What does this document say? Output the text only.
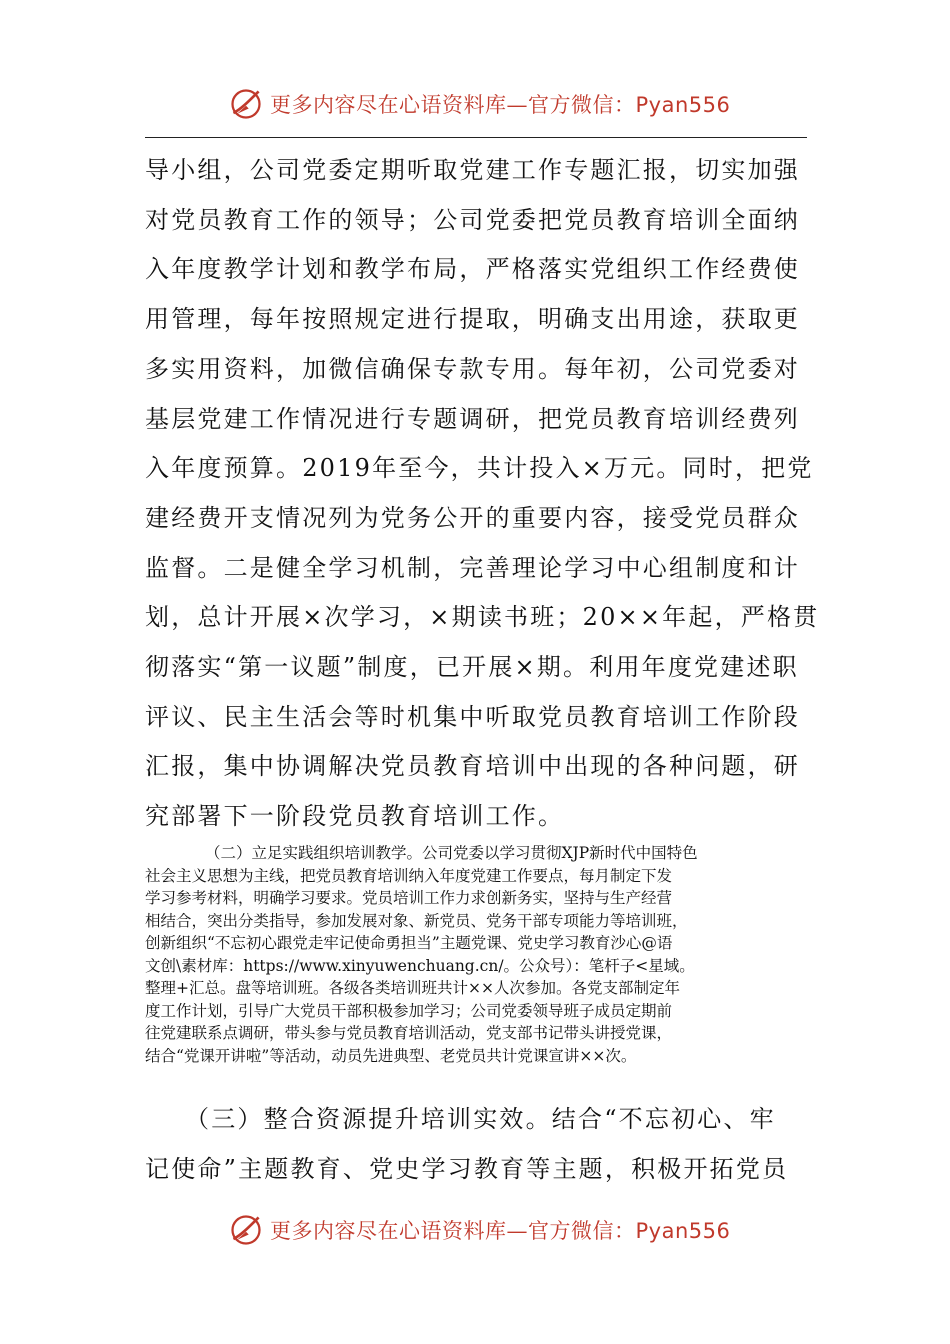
更多内容尽在心语资料库—官方微信：Pyan556
导小组，公司党委定期听取党建工作专题汇报，切实加强
对党员教育工作的领导；公司党委把党员教育培训全面纳
入年度教学计划和教学布局，严格落实党组织工作经费使
用管理，每年按照规定进行提取，明确支出用途，获取更
多实用资料，加微信确保专款专用。每年初，公司党委对
基层党建工作情况进行专题调研，把党员教育培训经费列
入年度预算。2019年至今，共计投入×万元。同时，把党
建经费开支情况列为党务公开的重要内容，接受党员群众
监督。二是健全学习机制，完善理论学习中心组制度和计
划，总计开展×次学习，×期读书班；20××年起，严格贯
彻落实“第一议题”制度，已开展×期。利用年度党建述职
评议、民主生活会等时机集中听取党员教育培训工作阶段
汇报，集中协调解决党员教育培训中出现的各种问题，研
究部署下一阶段党员教育培训工作。
（二）立足实践组织培训教学。公司党委以学习贯彻XJP新时代中国特色
社会主义思想为主线，把党员教育培训纳入年度党建工作要点，每月制定下发
学习参考材料，明确学习要求。党员培训工作力求创新务实，坚持与生产经营
相结合，突出分类指导，参加发展对象、新党员、党务干部专项能力等培训班，
创新组织“不忘初心跟党走牢记使命勇担当”主题党课、党史学习教育沙心@语
文创\素材库：https://www.xinyuwenchuang.cn/。公众号）：笔杆子<星域。
整理+汇总。盘等培训班。各级各类培训班共计××人次参加。各党支部制定年
度工作计划，引导广大党员干部积极参加学习；公司党委领导班子成员定期前
往党建联系点调研，带头参与党员教育培训活动，党支部书记带头讲授党课，
结合“党课开讲啦”等活动，动员先进典型、老党员共计党课宣讲××次。
（三）整合资源提升培训实效。结合“不忘初心、牢
记使命”主题教育、党史学习教育等主题，积极开拓党员
更多内容尽在心语资料库—官方微信：Pyan556
